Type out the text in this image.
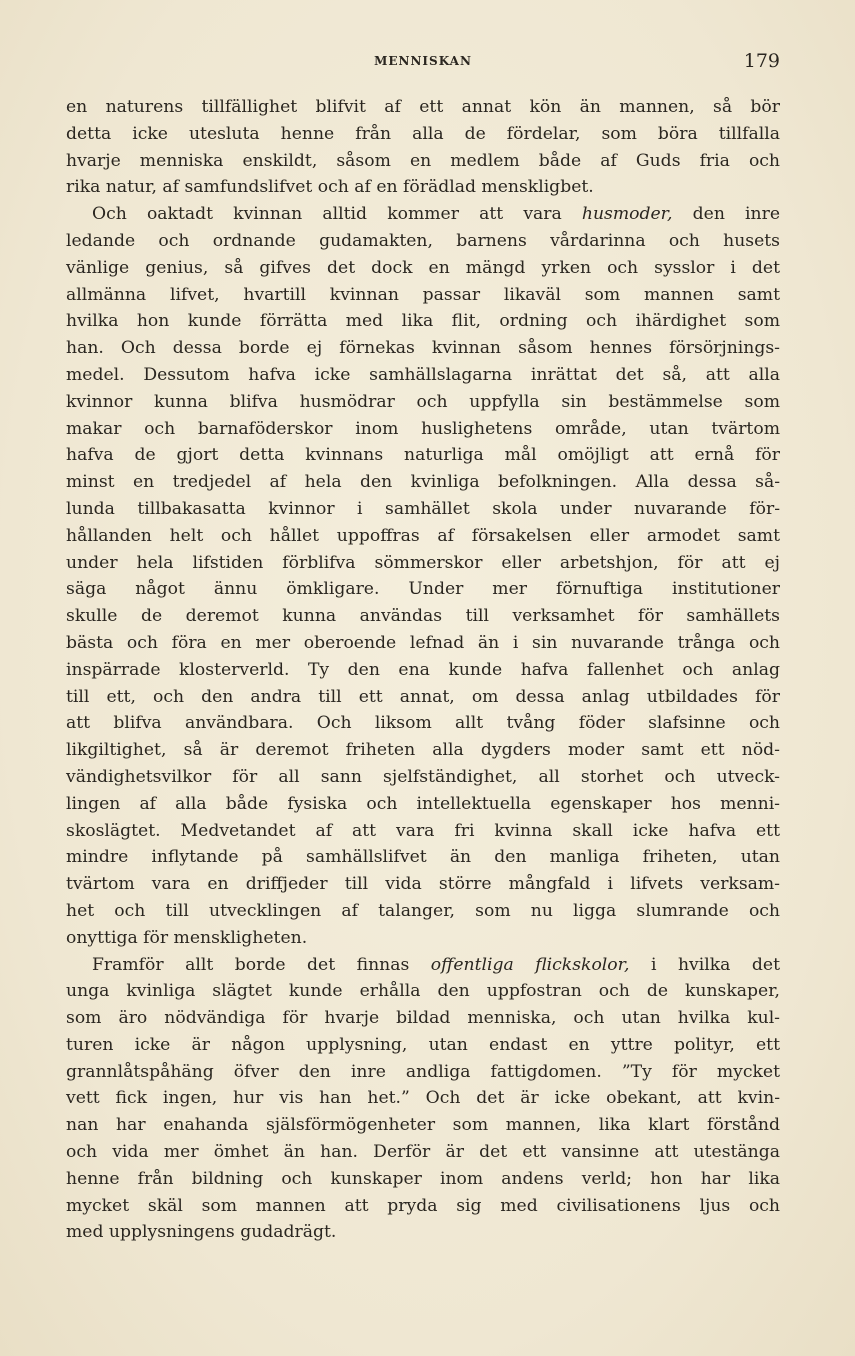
MENNISKAN	179
en naturens tillfällighet blifvit af ett annat kön än mannen, så bör
detta icke utesluta henne från alla de fördelar, som böra tillfalla
hvarje menniska enskildt, såsom en medlem både af Guds fria och
rika natur, af samfundslifvet och af en förädlad menskligbet.
Och oaktadt kvinnan alltid kommer att vara husmoder, den inre
ledande och ordnande gudamakten, barnens vårdarinna och husets
vänlige genius, så gifves det dock en mängd yrken och sysslor i det
allmänna lifvet, hvartill kvinnan passar likaväl som mannen samt
hvilka hon kunde förrätta med lika flit, ordning och ihärdighet som
han. Och dessa borde ej förnekas kvinnan såsom hennes försörjnings-
medel. Dessutom hafva icke samhällslagarna inrättat det så, att alla
kvinnor kunna blifva husmödrar och uppfylla sin bestämmelse som
makar och barnaföderskor inom huslighetens område, utan tvärtom
hafva de gjort detta kvinnans naturliga mål omöjligt att ernå för
minst en tredjedel af hela den kvinliga befolkningen. Alla dessa så-
lunda tillbakasatta kvinnor i samhället skola under nuvarande för-
hållanden helt och hållet uppoffras af försakelsen eller armodet samt
under hela lifstiden förblifva sömmerskor eller arbetshjon, för att ej
säga något ännu ömkligare. Under mer förnuftiga institutioner
skulle de deremot kunna användas till verksamhet för samhällets
bästa och föra en mer oberoende lefnad än i sin nuvarande trånga och
inspärrade klosterverld. Ty den ena kunde hafva fallenhet och anlag
till ett, och den andra till ett annat, om dessa anlag utbildades för
att blifva användbara. Och liksom allt tvång föder slafsinne och
likgiltighet, så är deremot friheten alla dygders moder samt ett nöd-
vändighetsvilkor för all sann sjelfständighet, all storhet och utveck-
lingen af alla både fysiska och intellektuella egenskaper hos menni-
skoslägtet. Medvetandet af att vara fri kvinna skall icke hafva ett
mindre inflytande på samhällslifvet än den manliga friheten, utan
tvärtom vara en driffjeder till vida större mångfald i lifvets verksam-
het och till utvecklingen af talanger, som nu ligga slumrande och
onyttiga för menskligheten.
Framför allt borde det finnas offentliga flickskolor, i hvilka det
unga kvinliga slägtet kunde erhålla den uppfostran och de kunskaper,
som äro nödvändiga för hvarje bildad menniska, och utan hvilka kul-
turen icke är någon upplysning, utan endast en yttre polityr, ett
grannlåtspåhäng öfver den inre andliga fattigdomen. ”Ty för mycket
vett fick ingen, hur vis han het.” Och det är icke obekant, att kvin-
nan har enahanda själsförmögenheter som mannen, lika klart förstånd
och vida mer ömhet än han. Derför är det ett vansinne att utestänga
henne från bildning och kunskaper inom andens verld; hon har lika
mycket skäl som mannen att pryda sig med civilisationens ljus och
med upplysningens gudadrägt.
